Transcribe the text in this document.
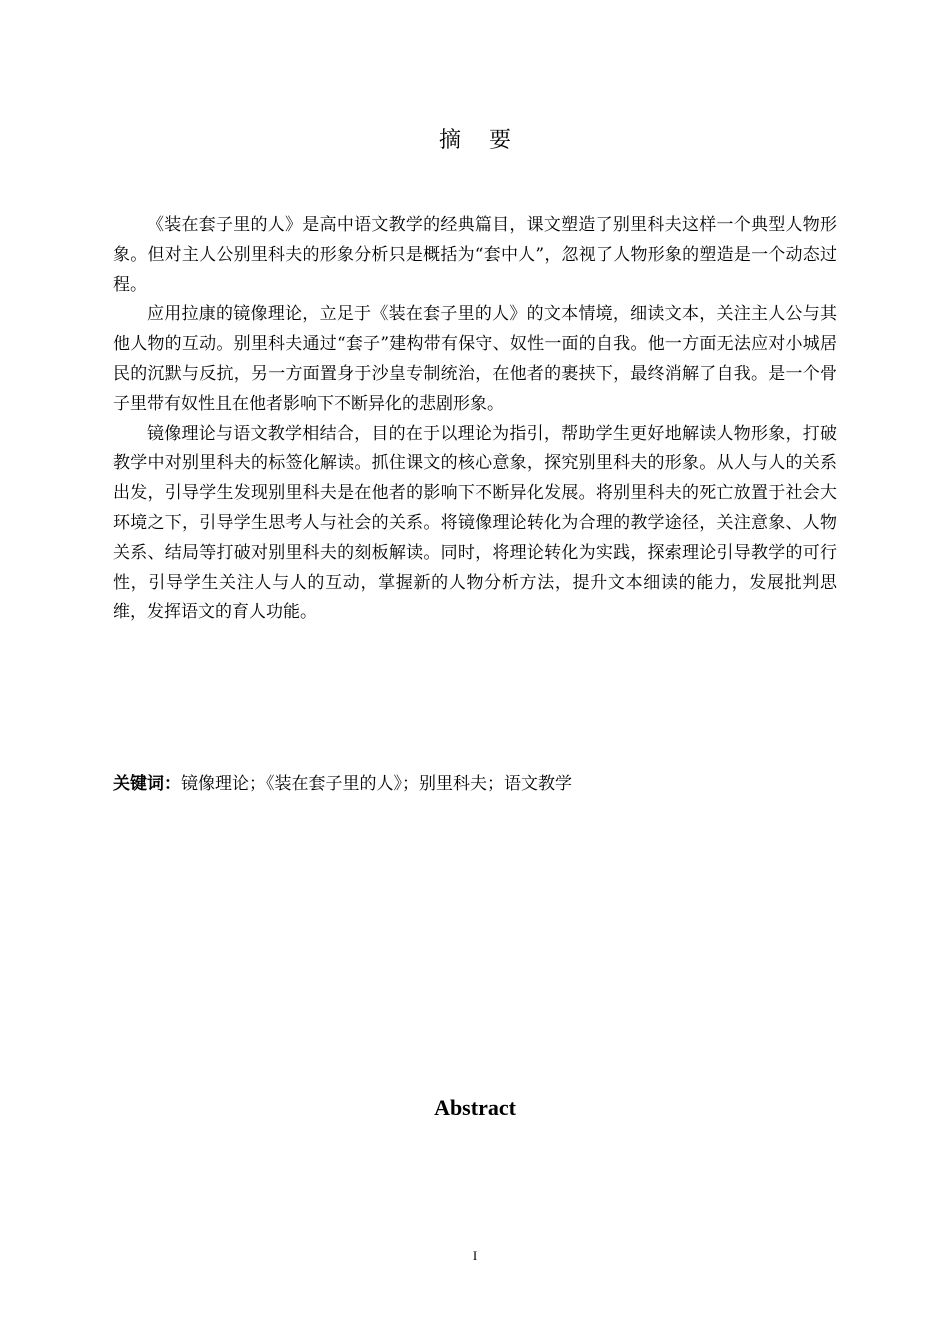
摘要

《装在套子里的人》是高中语文教学的经典篇目，课文塑造了别里科夫这样一个典型人物形象。但对主人公别里科夫的形象分析只是概括为“套中人”，忽视了人物形象的塑造是一个动态过程。

应用拉康的镜像理论，立足于《装在套子里的人》的文本情境，细读文本，关注主人公与其他人物的互动。别里科夫通过“套子”建构带有保守、奴性一面的自我。他一方面无法应对小城居民的沉默与反抗，另一方面置身于沙皇专制统治，在他者的裹挟下，最终消解了自我。是一个骨子里带有奴性且在他者影响下不断异化的悲剧形象。

镜像理论与语文教学相结合，目的在于以理论为指引，帮助学生更好地解读人物形象，打破教学中对别里科夫的标签化解读。抓住课文的核心意象，探究别里科夫的形象。从人与人的关系出发，引导学生发现别里科夫是在他者的影响下不断异化发展。将别里科夫的死亡放置于社会大环境之下，引导学生思考人与社会的关系。将镜像理论转化为合理的教学途径，关注意象、人物关系、结局等打破对别里科夫的刻板解读。同时，将理论转化为实践，探索理论引导教学的可行性，引导学生关注人与人的互动，掌握新的人物分析方法，提升文本细读的能力，发展批判思维，发挥语文的育人功能。

关键词：镜像理论；《装在套子里的人》；别里科夫；语文教学
Abstract
I
